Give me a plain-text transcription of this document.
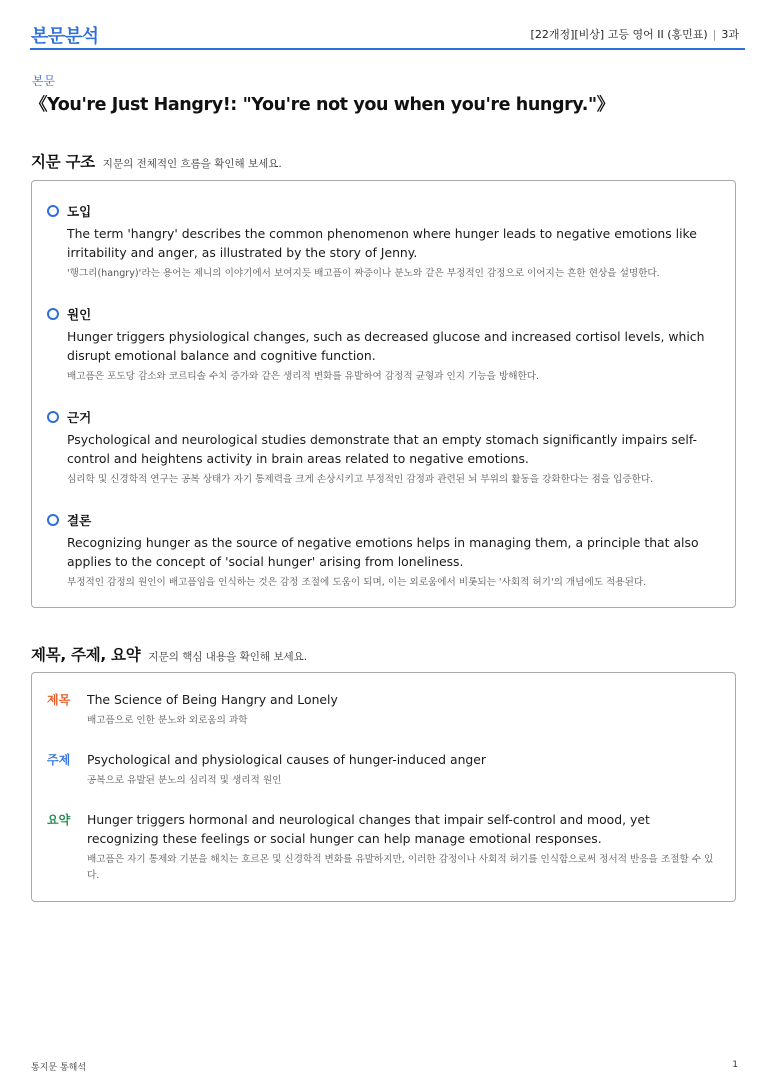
본문분석	[22개정][비상] 고등 영어 II (홍민표) | 3과
본문
《You're Just Hangry!: "You're not you when you're hungry."》
지문 구조 지문의 전체적인 흐름을 확인해 보세요.
도입
The term 'hangry' describes the common phenomenon where hunger leads to negative emotions like irritability and anger, as illustrated by the story of Jenny.
'행그리(hangry)'라는 용어는 제니의 이야기에서 보여지듯 배고픔이 짜증이나 분노와 같은 부정적인 감정으로 이어지는 흔한 현상을 설명한다.
원인
Hunger triggers physiological changes, such as decreased glucose and increased cortisol levels, which disrupt emotional balance and cognitive function.
배고픔은 포도당 감소와 코르티솔 수치 증가와 같은 생리적 변화를 유발하여 감정적 균형과 인지 기능을 방해한다.
근거
Psychological and neurological studies demonstrate that an empty stomach significantly impairs self-control and heightens activity in brain areas related to negative emotions.
심리학 및 신경학적 연구는 공복 상태가 자기 통제력을 크게 손상시키고 부정적인 감정과 관련된 뇌 부위의 활동을 강화한다는 점을 입증한다.
결론
Recognizing hunger as the source of negative emotions helps in managing them, a principle that also applies to the concept of 'social hunger' arising from loneliness.
부정적인 감정의 원인이 배고픔임을 인식하는 것은 감정 조절에 도움이 되며, 이는 외로움에서 비롯되는 '사회적 허기'의 개념에도 적용된다.
제목, 주제, 요약 지문의 핵심 내용을 확인해 보세요.
제목 The Science of Being Hangry and Lonely
배고픔으로 인한 분노와 외로움의 과학
주제 Psychological and physiological causes of hunger-induced anger
공복으로 유발된 분노의 심리적 및 생리적 원인
요약 Hunger triggers hormonal and neurological changes that impair self-control and mood, yet recognizing these feelings or social hunger can help manage emotional responses.
배고픔은 자기 통제와 기분을 해치는 호르몬 및 신경학적 변화를 유발하지만, 이러한 감정이나 사회적 허기를 인식함으로써 정서적 반응을 조절할 수 있다.
통지문 통해석	1
